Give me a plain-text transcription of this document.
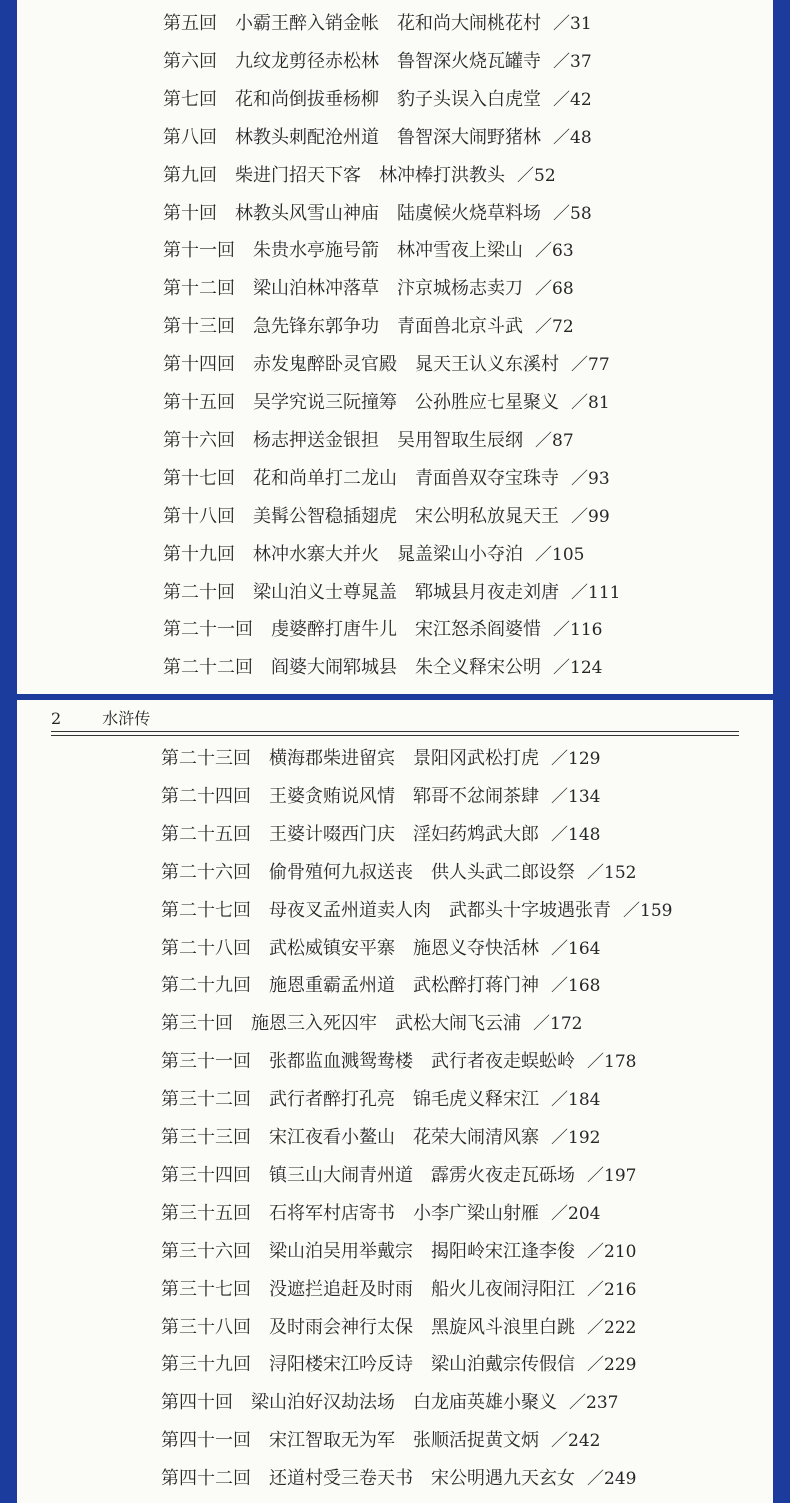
第五回 小霸王醉入销金帐 花和尚大闹桃花村 ／31
第六回 九纹龙剪径赤松林 鲁智深火烧瓦罐寺 ／37
第七回 花和尚倒拔垂杨柳 豹子头误入白虎堂 ／42
第八回 林教头刺配沧州道 鲁智深大闹野猪林 ／48
第九回 柴进门招天下客 林冲棒打洪教头 ／52
第十回 林教头风雪山神庙 陆虞候火烧草料场 ／58
第十一回 朱贵水亭施号箭 林冲雪夜上梁山 ／63
第十二回 梁山泊林冲落草 汴京城杨志卖刀 ／68
第十三回 急先锋东郭争功 青面兽北京斗武 ／72
第十四回 赤发鬼醉卧灵官殿 晁天王认义东溪村 ／77
第十五回 吴学究说三阮撞筹 公孙胜应七星聚义 ／81
第十六回 杨志押送金银担 吴用智取生辰纲 ／87
第十七回 花和尚单打二龙山 青面兽双夺宝珠寺 ／93
第十八回 美髯公智稳插翅虎 宋公明私放晁天王 ／99
第十九回 林冲水寨大并火 晁盖梁山小夺泊 ／105
第二十回 梁山泊义士尊晁盖 郓城县月夜走刘唐 ／111
第二十一回 虔婆醉打唐牛儿 宋江怒杀阎婆惜 ／116
第二十二回 阎婆大闹郓城县 朱仝义释宋公明 ／124
2	水浒传
第二十三回 横海郡柴进留宾 景阳冈武松打虎 ／129
第二十四回 王婆贪贿说风情 郓哥不忿闹茶肆 ／134
第二十五回 王婆计啜西门庆 淫妇药鸩武大郎 ／148
第二十六回 偷骨殖何九叔送丧 供人头武二郎设祭 ／152
第二十七回 母夜叉孟州道卖人肉 武都头十字坡遇张青 ／159
第二十八回 武松威镇安平寨 施恩义夺快活林 ／164
第二十九回 施恩重霸孟州道 武松醉打蒋门神 ／168
第三十回 施恩三入死囚牢 武松大闹飞云浦 ／172
第三十一回 张都监血溅鸳鸯楼 武行者夜走蜈蚣岭 ／178
第三十二回 武行者醉打孔亮 锦毛虎义释宋江 ／184
第三十三回 宋江夜看小鳌山 花荣大闹清风寨 ／192
第三十四回 镇三山大闹青州道 霹雳火夜走瓦砾场 ／197
第三十五回 石将军村店寄书 小李广梁山射雁 ／204
第三十六回 梁山泊吴用举戴宗 揭阳岭宋江逢李俊 ／210
第三十七回 没遮拦追赶及时雨 船火儿夜闹浔阳江 ／216
第三十八回 及时雨会神行太保 黑旋风斗浪里白跳 ／222
第三十九回 浔阳楼宋江吟反诗 梁山泊戴宗传假信 ／229
第四十回 梁山泊好汉劫法场 白龙庙英雄小聚义 ／237
第四十一回 宋江智取无为军 张顺活捉黄文炳 ／242
第四十二回 还道村受三卷天书 宋公明遇九天玄女 ／249
